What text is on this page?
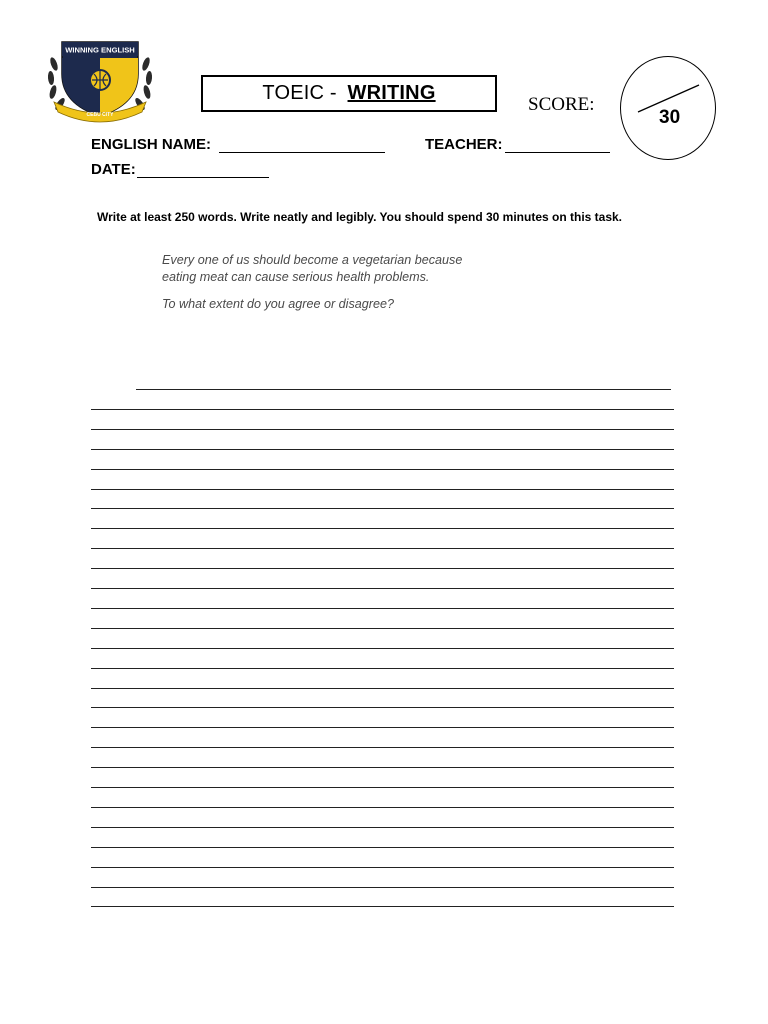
WINNING ENGLISH
CEBU CITY
TOEIC - WRITING
SCORE:
30
ENGLISH NAME:	TEACHER:
DATE:
Write at least 250 words. Write neatly and legibly. You should spend 30 minutes on this task.

Every one of us should become a vegetarian because

eating meat can cause serious health problems.

To what extent do you agree or disagree?
